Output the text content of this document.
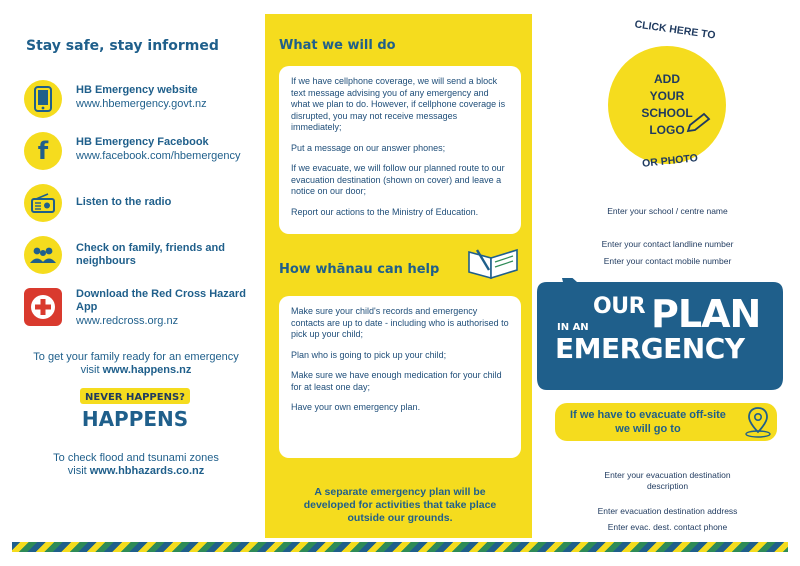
Stay safe, stay informed
HB Emergency website
www.hbemergency.govt.nz
f	HB Emergency Facebook
www.facebook.com/hbemergency
Listen to the radio
Check on family, friends and neighbours
Download the Red Cross Hazard App
www.redcross.org.nz
To get your family ready for an emergency
visit www.happens.nz
NEVER HAPPENS?
HAPPENS
To check flood and tsunami zones
visit www.hbhazards.co.nz
What we will do

If we have cellphone coverage, we will send a block text message advising you of any emergency and what we plan to do. However, if cellphone coverage is disrupted, you may not receive messages immediately;

Put a message on our answer phones;

If we evacuate, we will follow our planned route to our evacuation destination (shown on cover) and leave a notice on our door;

Report our actions to the Ministry of Education.

How whānau can help

Make sure your child's records and emergency contacts are up to date - including who is authorised to pick up your child;

Plan who is going to pick up your child;

Make sure we have enough medication for your child for at least one day;

Have your own emergency plan.

A separate emergency plan will be developed for activities that take place outside our grounds.
CLICK HERE TO
ADD
YOUR
SCHOOL
LOGO
OR PHOTO
Enter your school / centre name
Enter your contact landline number
Enter your contact mobile number
OUR PLAN
IN AN
EMERGENCY
KO TĀ TĀTAU MAHERE MATE WHAWHATI TATA
If we have to evacuate off-site we will go to
Enter your evacuation destination description
Enter evacuation destination address
Enter evac. dest. contact phone
